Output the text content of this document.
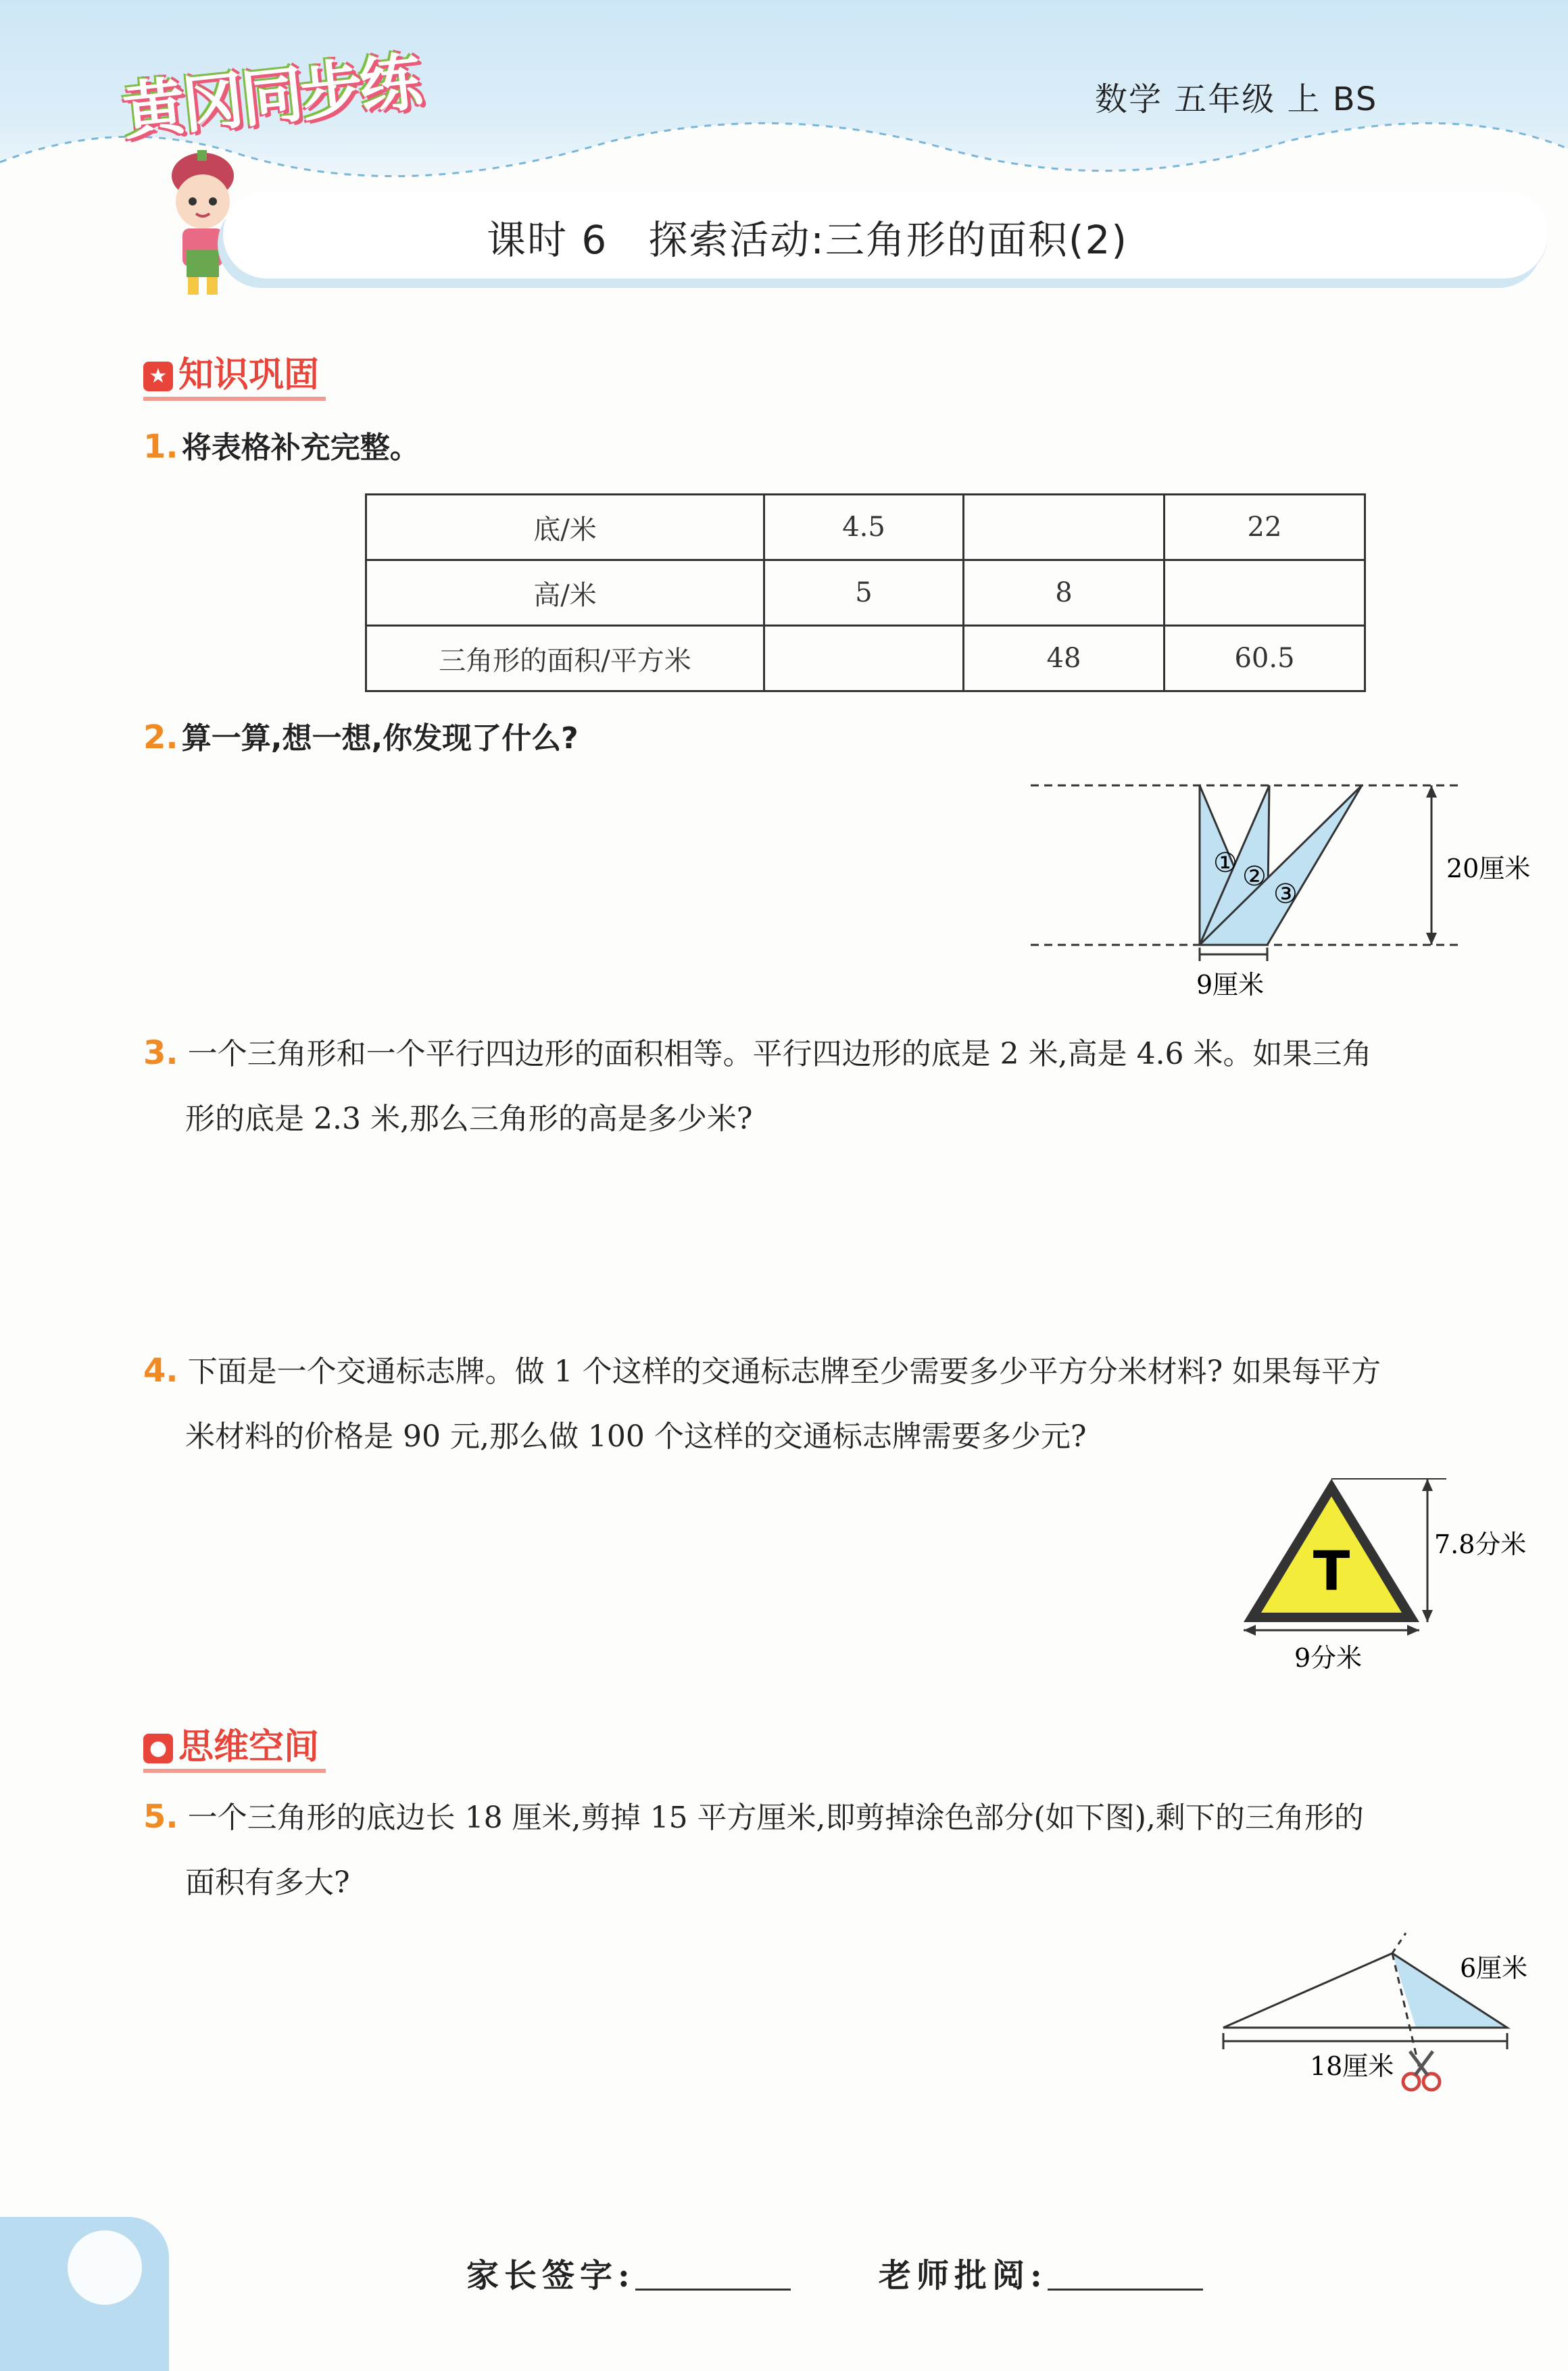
黄冈同步练	数学 五年级 上 BS
课时 6　探索活动:三角形的面积(2)
★ 知识巩固
1. 将表格补充完整。
底/米	4.5		22
高/米	5	8	
三角形的面积/平方米		48	60.5
2. 算一算,想一想,你发现了什么?
① ②
③
20厘米
9厘米
3. 一个三角形和一个平行四边形的面积相等。平行四边形的底是 2 米,高是 4.6 米。如果三角
形的底是 2.3 米,那么三角形的高是多少米?
4. 下面是一个交通标志牌。做 1 个这样的交通标志牌至少需要多少平方分米材料? 如果每平方
米材料的价格是 90 元,那么做 100 个这样的交通标志牌需要多少元?
T	7.8分米
9分米
● 思维空间
5. 一个三角形的底边长 18 厘米,剪掉 15 平方厘米,即剪掉涂色部分(如下图),剩下的三角形的
面积有多大?
6厘米
18厘米
家长签字:	老师批阅:
